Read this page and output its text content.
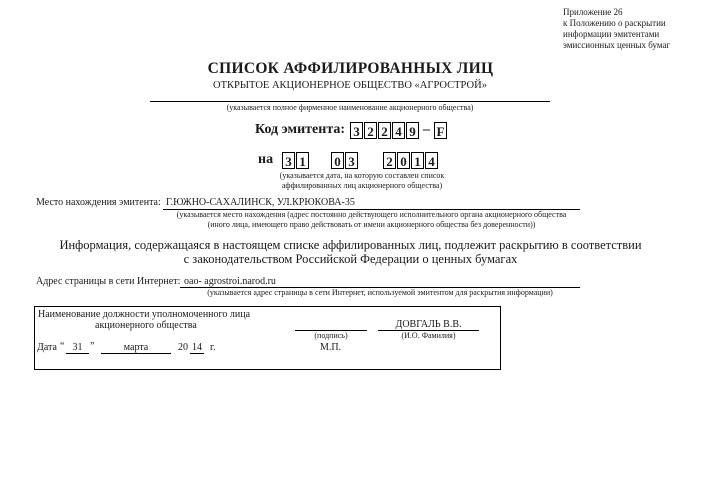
Приложение 26
к Положению о раскрытии
информации эмитентами
эмиссионных ценных бумаг
СПИСОК АФФИЛИРОВАННЫХ ЛИЦ
ОТКРЫТОЕ АКЦИОНЕРНОЕ ОБЩЕСТВО «АГРОСТРОЙ»
(указывается полное фирменное наименование акционерного общества)
Код эмитента: 3 2 2 4 9 – F
на 3 1 0 3 2 0 1 4
(указывается дата, на которую составлен список
аффилированных лиц акционерного общества)
Место нахождения эмитента: Г.ЮЖНО-САХАЛИНСК, УЛ.КРЮКОВА-35
(указывается место нахождения (адрес постоянно действующего исполнительного органа акционерного общества
(иного лица, имеющего право действовать от имени акционерного общества без доверенности))
Информация, содержащаяся в настоящем списке аффилированных лиц, подлежит раскрытию в соответствии
с законодательством Российской Федерации о ценных бумагах
Адрес страницы в сети Интернет: oao- agrostroi.narod.ru
(указывается адрес страницы в сети Интернет, используемой эмитентом для раскрытия информации)
Наименование должности уполномоченного лица
акционерного общества
(подпись)
ДОВГАЛЬ В.В.
(И.О. Фамилия)
Дата “ 31 ”	марта	20 14 г.	М.П.
